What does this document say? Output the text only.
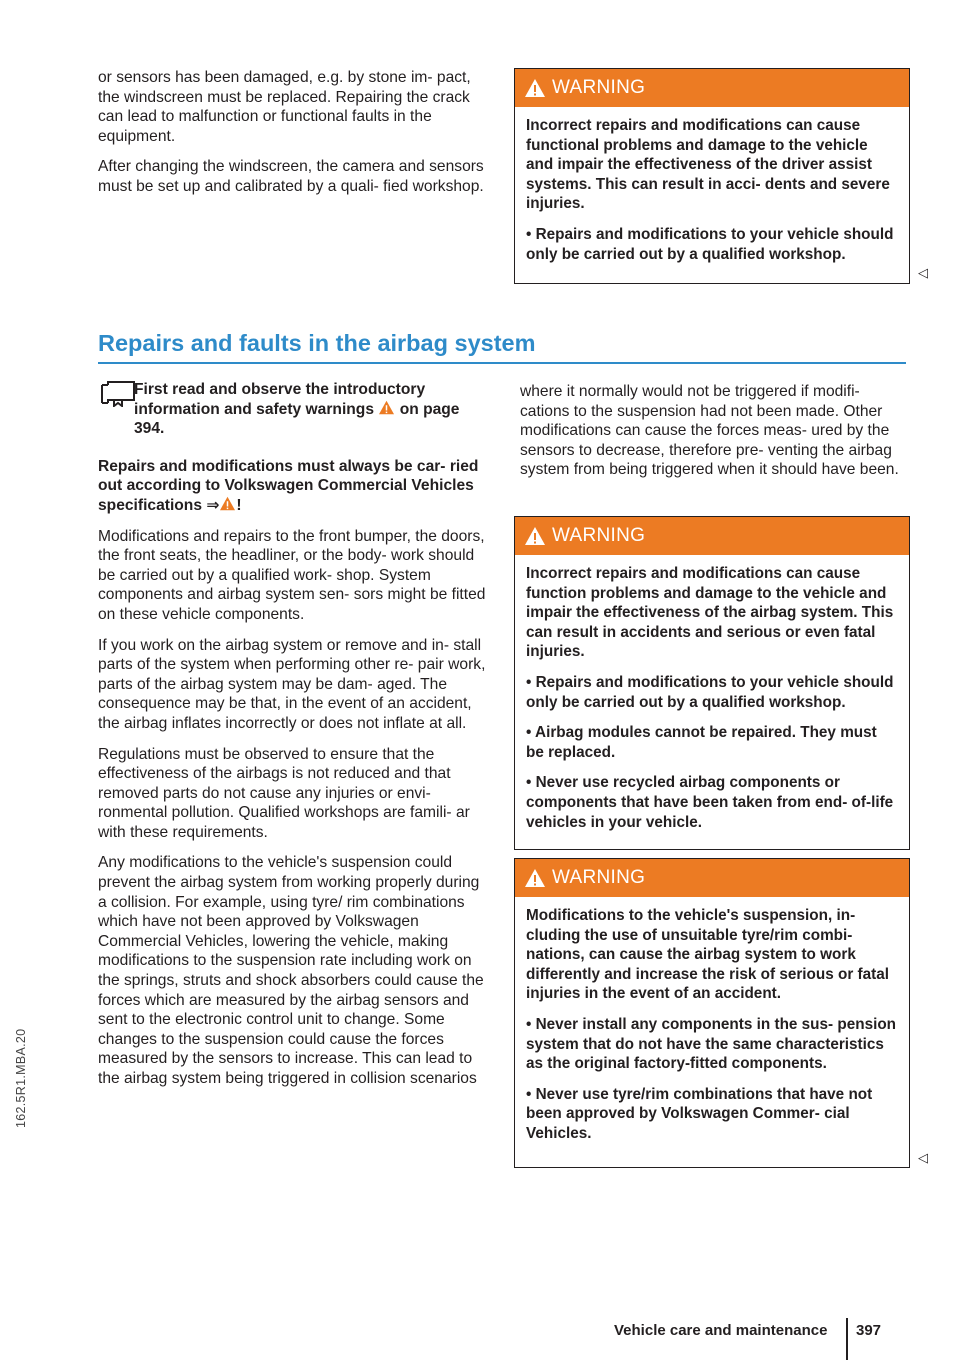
or sensors has been damaged, e.g. by stone im- pact, the windscreen must be replaced. Repairing the crack can lead to malfunction or functional faults in the equipment.

After changing the windscreen, the camera and sensors must be set up and calibrated by a quali- fied workshop.

WARNING

Incorrect repairs and modifications can cause functional problems and damage to the vehicle and impair the effectiveness of the driver assist systems. This can result in acci- dents and severe injuries.

• Repairs and modifications to your vehicle should only be carried out by a qualified workshop.

◁
Repairs and faults in the airbag system
First read and observe the introductory information and safety warnings on page 394.

Repairs and modifications must always be car- ried out according to Volkswagen Commercial Vehicles specifications ⇒ !

Modifications and repairs to the front bumper, the doors, the front seats, the headliner, or the body- work should be carried out by a qualified work- shop. System components and airbag system sen- sors might be fitted on these vehicle components.

If you work on the airbag system or remove and in- stall parts of the system when performing other re- pair work, parts of the airbag system may be dam- aged. The consequence may be that, in the event of an accident, the airbag inflates incorrectly or does not inflate at all.

Regulations must be observed to ensure that the effectiveness of the airbags is not reduced and that removed parts do not cause any injuries or envi- ronmental pollution. Qualified workshops are famili- ar with these requirements.

Any modifications to the vehicle's suspension could prevent the airbag system from working properly during a collision. For example, using tyre/ rim combinations which have not been approved by Volkswagen Commercial Vehicles, lowering the vehicle, making modifications to the suspension rate including work on the springs, struts and shock absorbers could cause the forces which are measured by the airbag sensors and sent to the electronic control unit to change. Some changes to the suspension could cause the forces measured by the sensors to increase. This can lead to the airbag system being triggered in collision scenarios

where it normally would not be triggered if modifi- cations to the suspension had not been made. Other modifications can cause the forces meas- ured by the sensors to decrease, therefore pre- venting the airbag system from being triggered when it should have been.

WARNING

Incorrect repairs and modifications can cause function problems and damage to the vehicle and impair the effectiveness of the airbag system. This can result in accidents and serious or even fatal injuries.

• Repairs and modifications to your vehicle should only be carried out by a qualified workshop.

• Airbag modules cannot be repaired. They must be replaced.

• Never use recycled airbag components or components that have been taken from end- of-life vehicles in your vehicle.

WARNING

Modifications to the vehicle's suspension, in- cluding the use of unsuitable tyre/rim combi- nations, can cause the airbag system to work differently and increase the risk of serious or fatal injuries in the event of an accident.

• Never install any components in the sus- pension system that do not have the same characteristics as the original factory-fitted components.

• Never use tyre/rim combinations that have not been approved by Volkswagen Commer- cial Vehicles.

◁
162.5R1.MBA.20
Vehicle care and maintenance 397
